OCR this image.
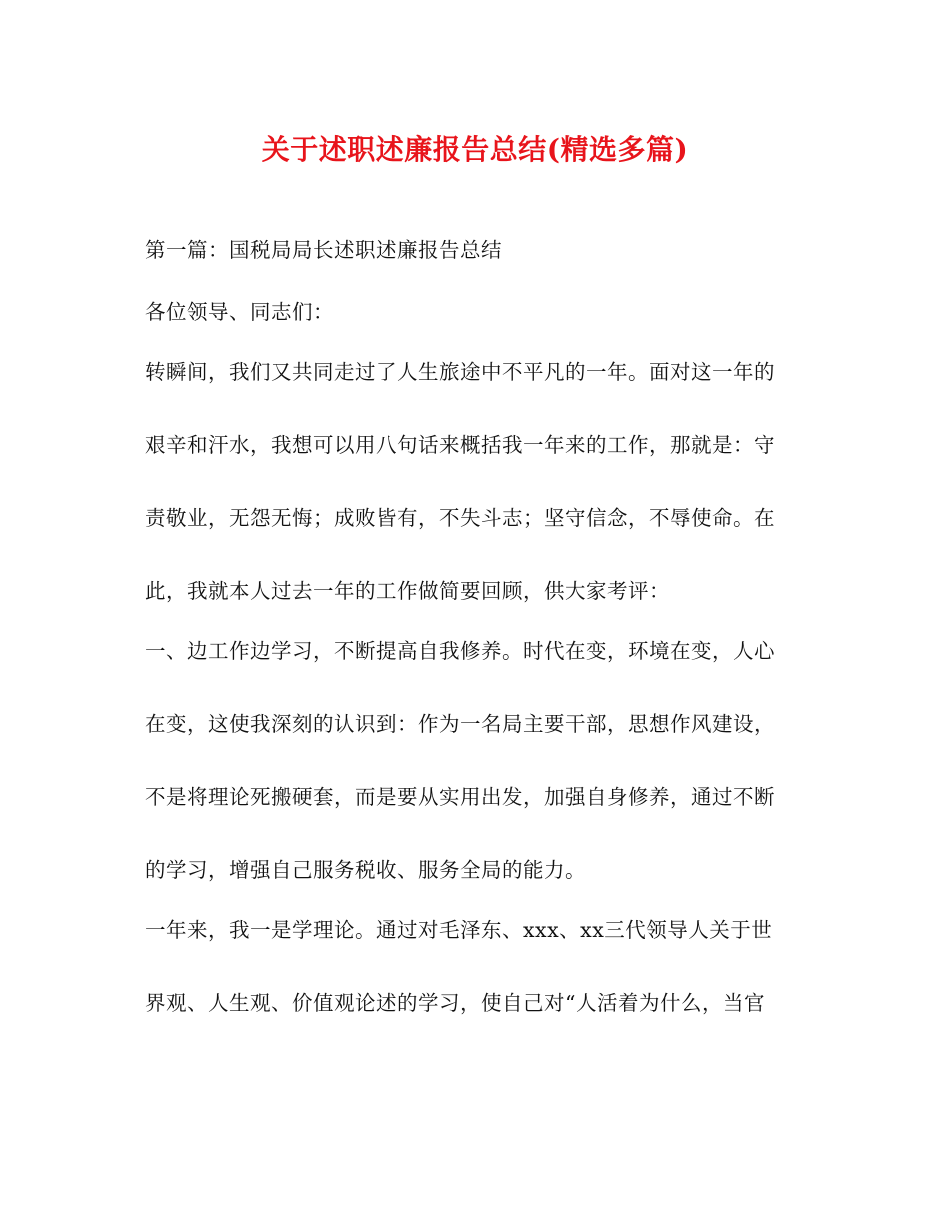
关于述职述廉报告总结(精选多篇)
第一篇：国税局局长述职述廉报告总结
各位领导、同志们：
转瞬间，我们又共同走过了人生旅途中不平凡的一年。面对这一年的
艰辛和汗水，我想可以用八句话来概括我一年来的工作，那就是：守
责敬业，无怨无悔；成败皆有，不失斗志；坚守信念，不辱使命。在
此，我就本人过去一年的工作做简要回顾，供大家考评：
一、边工作边学习，不断提高自我修养。时代在变，环境在变，人心
在变，这使我深刻的认识到：作为一名局主要干部，思想作风建设，
不是将理论死搬硬套，而是要从实用出发，加强自身修养，通过不断
的学习，增强自己服务税收、服务全局的能力。
一年来，我一是学理论。通过对毛泽东、xxx、xx三代领导人关于世
界观、人生观、价值观论述的学习，使自己对“人活着为什么，当官
